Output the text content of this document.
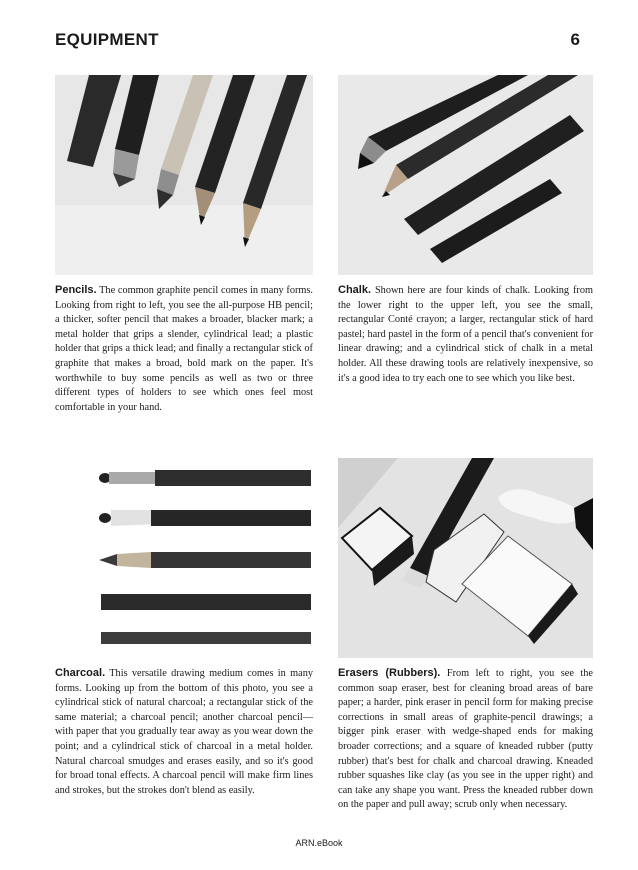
EQUIPMENT	6

Pencils. The common graphite pencil comes in many forms. Looking from right to left, you see the all-purpose HB pencil; a thicker, softer pencil that makes a broader, blacker mark; a metal holder that grips a slender, cylindrical lead; a plastic holder that grips a thick lead; and finally a rectangular stick of graphite that makes a broad, bold mark on the paper. It's worthwhile to buy some pencils as well as two or three different types of holders to see which ones feel most comfortable in your hand.

Chalk. Shown here are four kinds of chalk. Looking from the lower right to the upper left, you see the small, rectangular Conté crayon; a larger, rectangular stick of hard pastel; hard pastel in the form of a pencil that's convenient for linear drawing; and a cylindrical stick of chalk in a metal holder. All these drawing tools are relatively inexpensive, so it's a good idea to try each one to see which you like best.

Charcoal. This versatile drawing medium comes in many forms. Looking up from the bottom of this photo, you see a cylindrical stick of natural charcoal; a rectangular stick of the same material; a charcoal pencil; another charcoal pencil—with paper that you gradually tear away as you wear down the point; and a cylindrical stick of charcoal in a metal holder. Natural charcoal smudges and erases easily, and so it's good for broad tonal effects. A charcoal pencil will make firm lines and strokes, but the strokes don't blend as easily.

Erasers (Rubbers). From left to right, you see the common soap eraser, best for cleaning broad areas of bare paper; a harder, pink eraser in pencil form for making precise corrections in small areas of graphite-pencil drawings; a bigger pink eraser with wedge-shaped ends for making broader corrections; and a square of kneaded rubber (putty rubber) that's best for chalk and charcoal drawing. Kneaded rubber squashes like clay (as you see in the upper right) and can take any shape you want. Press the kneaded rubber down on the paper and pull away; scrub only when necessary.

ARN.eBook
